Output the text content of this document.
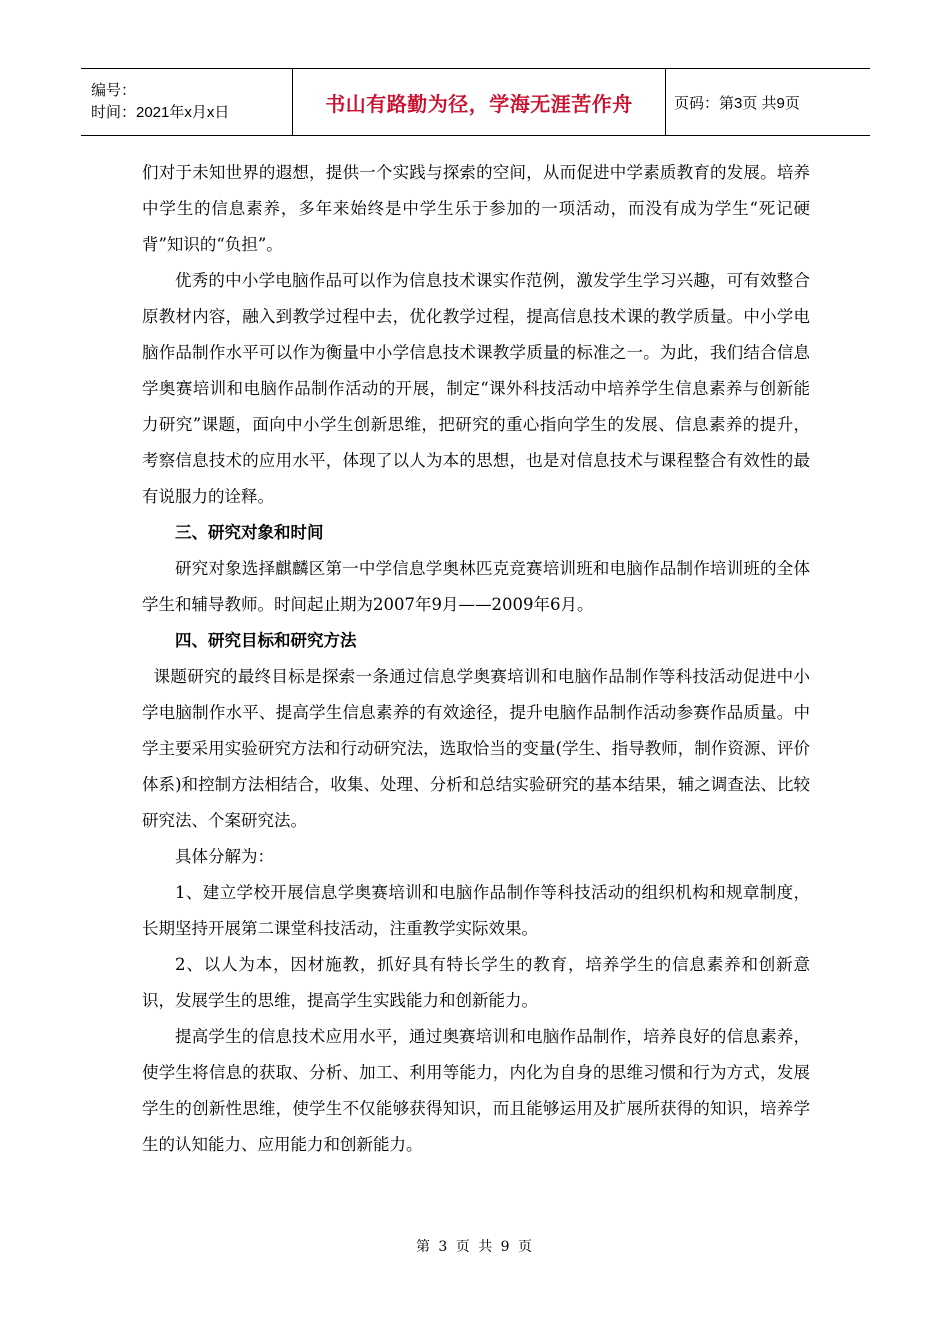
编号：
时间：2021年x月x日	书山有路勤为径，学海无涯苦作舟	页码：第3页 共9页

们对于未知世界的遐想，提供一个实践与探索的空间，从而促进中学素质教育的发展。培养中学生的信息素养，多年来始终是中学生乐于参加的一项活动，而没有成为学生“死记硬背”知识的“负担”。

优秀的中小学电脑作品可以作为信息技术课实作范例，激发学生学习兴趣，可有效整合原教材内容，融入到教学过程中去，优化教学过程，提高信息技术课的教学质量。中小学电脑作品制作水平可以作为衡量中小学信息技术课教学质量的标准之一。为此，我们结合信息学奥赛培训和电脑作品制作活动的开展，制定“课外科技活动中培养学生信息素养与创新能力研究”课题，面向中小学生创新思维，把研究的重心指向学生的发展、信息素养的提升，考察信息技术的应用水平，体现了以人为本的思想，也是对信息技术与课程整合有效性的最有说服力的诠释。

三、研究对象和时间

研究对象选择麒麟区第一中学信息学奥林匹克竞赛培训班和电脑作品制作培训班的全体学生和辅导教师。时间起止期为2007年9月——2009年6月。

四、研究目标和研究方法

课题研究的最终目标是探索一条通过信息学奥赛培训和电脑作品制作等科技活动促进中小学电脑制作水平、提高学生信息素养的有效途径，提升电脑作品制作活动参赛作品质量。中学主要采用实验研究方法和行动研究法，选取恰当的变量(学生、指导教师，制作资源、评价体系)和控制方法相结合，收集、处理、分析和总结实验研究的基本结果，辅之调查法、比较研究法、个案研究法。

具体分解为：

1、建立学校开展信息学奥赛培训和电脑作品制作等科技活动的组织机构和规章制度，长期坚持开展第二课堂科技活动，注重教学实际效果。

2、以人为本，因材施教，抓好具有特长学生的教育，培养学生的信息素养和创新意识，发展学生的思维，提高学生实践能力和创新能力。

提高学生的信息技术应用水平，通过奥赛培训和电脑作品制作，培养良好的信息素养，使学生将信息的获取、分析、加工、利用等能力，内化为自身的思维习惯和行为方式，发展学生的创新性思维，使学生不仅能够获得知识，而且能够运用及扩展所获得的知识，培养学生的认知能力、应用能力和创新能力。

第 3 页 共 9 页
